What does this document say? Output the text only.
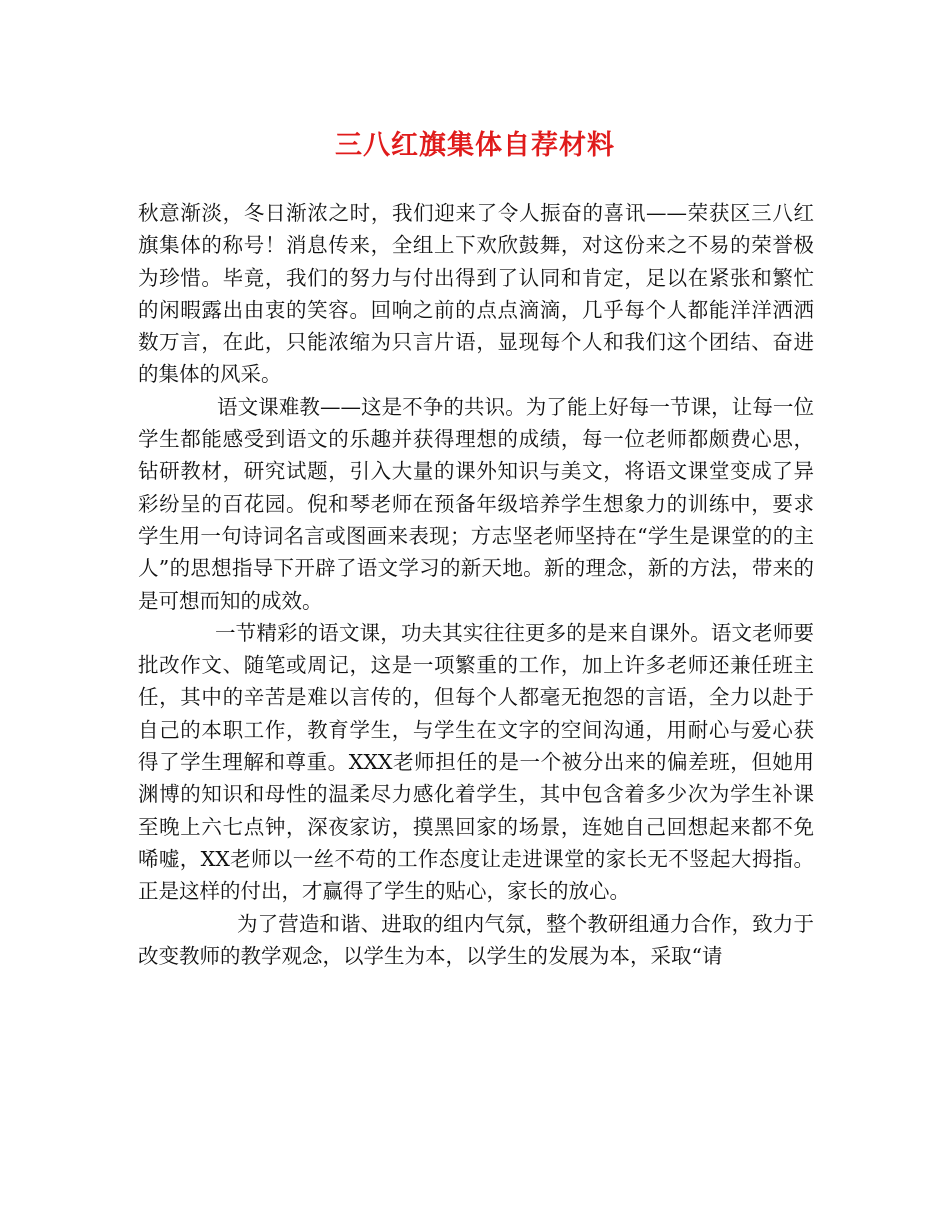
三八红旗集体自荐材料

秋意渐淡，冬日渐浓之时，我们迎来了令人振奋的喜讯——荣获区三八红旗集体的称号！消息传来，全组上下欢欣鼓舞，对这份来之不易的荣誉极为珍惜。毕竟，我们的努力与付出得到了认同和肯定，足以在紧张和繁忙的闲暇露出由衷的笑容。回响之前的点点滴滴，几乎每个人都能洋洋洒洒数万言，在此，只能浓缩为只言片语，显现每个人和我们这个团结、奋进的集体的风采。

语文课难教——这是不争的共识。为了能上好每一节课，让每一位学生都能感受到语文的乐趣并获得理想的成绩，每一位老师都颇费心思，钻研教材，研究试题，引入大量的课外知识与美文，将语文课堂变成了异彩纷呈的百花园。倪和琴老师在预备年级培养学生想象力的训练中，要求学生用一句诗词名言或图画来表现；方志坚老师坚持在“学生是课堂的的主人”的思想指导下开辟了语文学习的新天地。新的理念，新的方法，带来的是可想而知的成效。

一节精彩的语文课，功夫其实往往更多的是来自课外。语文老师要批改作文、随笔或周记，这是一项繁重的工作，加上许多老师还兼任班主任，其中的辛苦是难以言传的，但每个人都毫无抱怨的言语，全力以赴于自己的本职工作，教育学生，与学生在文字的空间沟通，用耐心与爱心获得了学生理解和尊重。XXX老师担任的是一个被分出来的偏差班，但她用渊博的知识和母性的温柔尽力感化着学生，其中包含着多少次为学生补课至晚上六七点钟，深夜家访，摸黑回家的场景，连她自己回想起来都不免唏嘘，XX老师以一丝不苟的工作态度让走进课堂的家长无不竖起大拇指。正是这样的付出，才赢得了学生的贴心，家长的放心。

为了营造和谐、进取的组内气氛，整个教研组通力合作，致力于改变教师的教学观念，以学生为本，以学生的发展为本，采取“请
